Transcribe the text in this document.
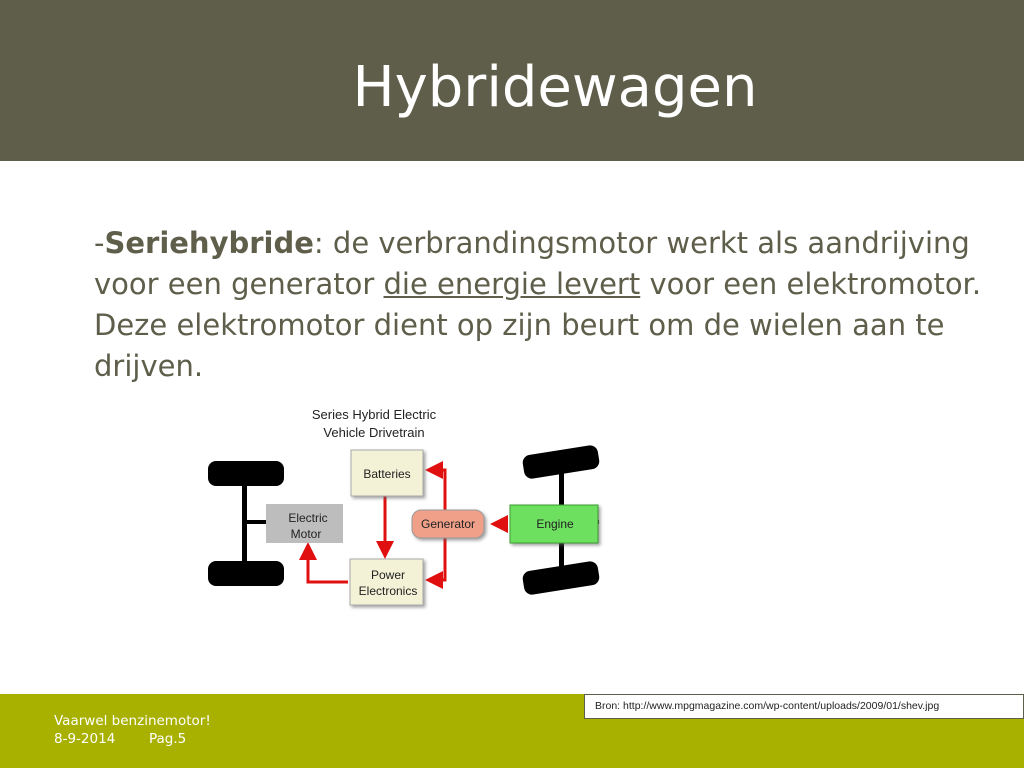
Hybridewagen
-Seriehybride: de verbrandingsmotor werkt als aandrijving voor een generator die energie levert voor een elektromotor. Deze elektromotor dient op zijn beurt om de wielen aan te drijven.
Series Hybrid Electric
Vehicle Drivetrain
Batteries
Electric
Motor
Generator	Engine
Power
Electronics
Vaarwel benzinemotor!
8-9-2014	Pag.5
Bron: http://www.mpgmagazine.com/wp-content/uploads/2009/01/shev.jpg
